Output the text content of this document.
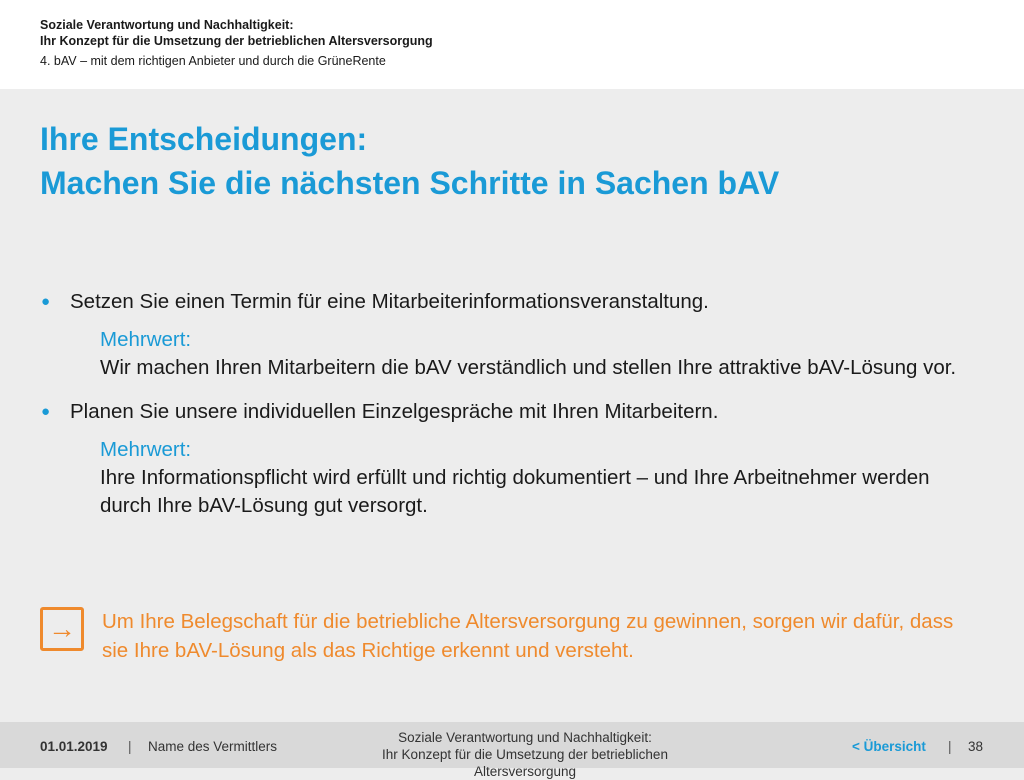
Soziale Verantwortung und Nachhaltigkeit:
Ihr Konzept für die Umsetzung der betrieblichen Altersversorgung
4. bAV – mit dem richtigen Anbieter und durch die GrüneRente
Ihre Entscheidungen:
Machen Sie die nächsten Schritte in Sachen bAV
● Setzen Sie einen Termin für eine Mitarbeiterinformationsveranstaltung.
Mehrwert:
Wir machen Ihren Mitarbeitern die bAV verständlich und stellen Ihre attraktive bAV-Lösung vor.
● Planen Sie unsere individuellen Einzelgespräche mit Ihren Mitarbeitern.
Mehrwert:
Ihre Informationspflicht wird erfüllt und richtig dokumentiert – und Ihre Arbeitnehmer werden durch Ihre bAV-Lösung gut versorgt.
→	Um Ihre Belegschaft für die betriebliche Altersversorgung zu gewinnen, sorgen wir dafür, dass sie Ihre bAV-Lösung als das Richtige erkennt und versteht.
01.01.2019 | Name des Vermittlers
Soziale Verantwortung und Nachhaltigkeit:
Ihr Konzept für die Umsetzung der betrieblichen Altersversorgung
< Übersicht | 38
